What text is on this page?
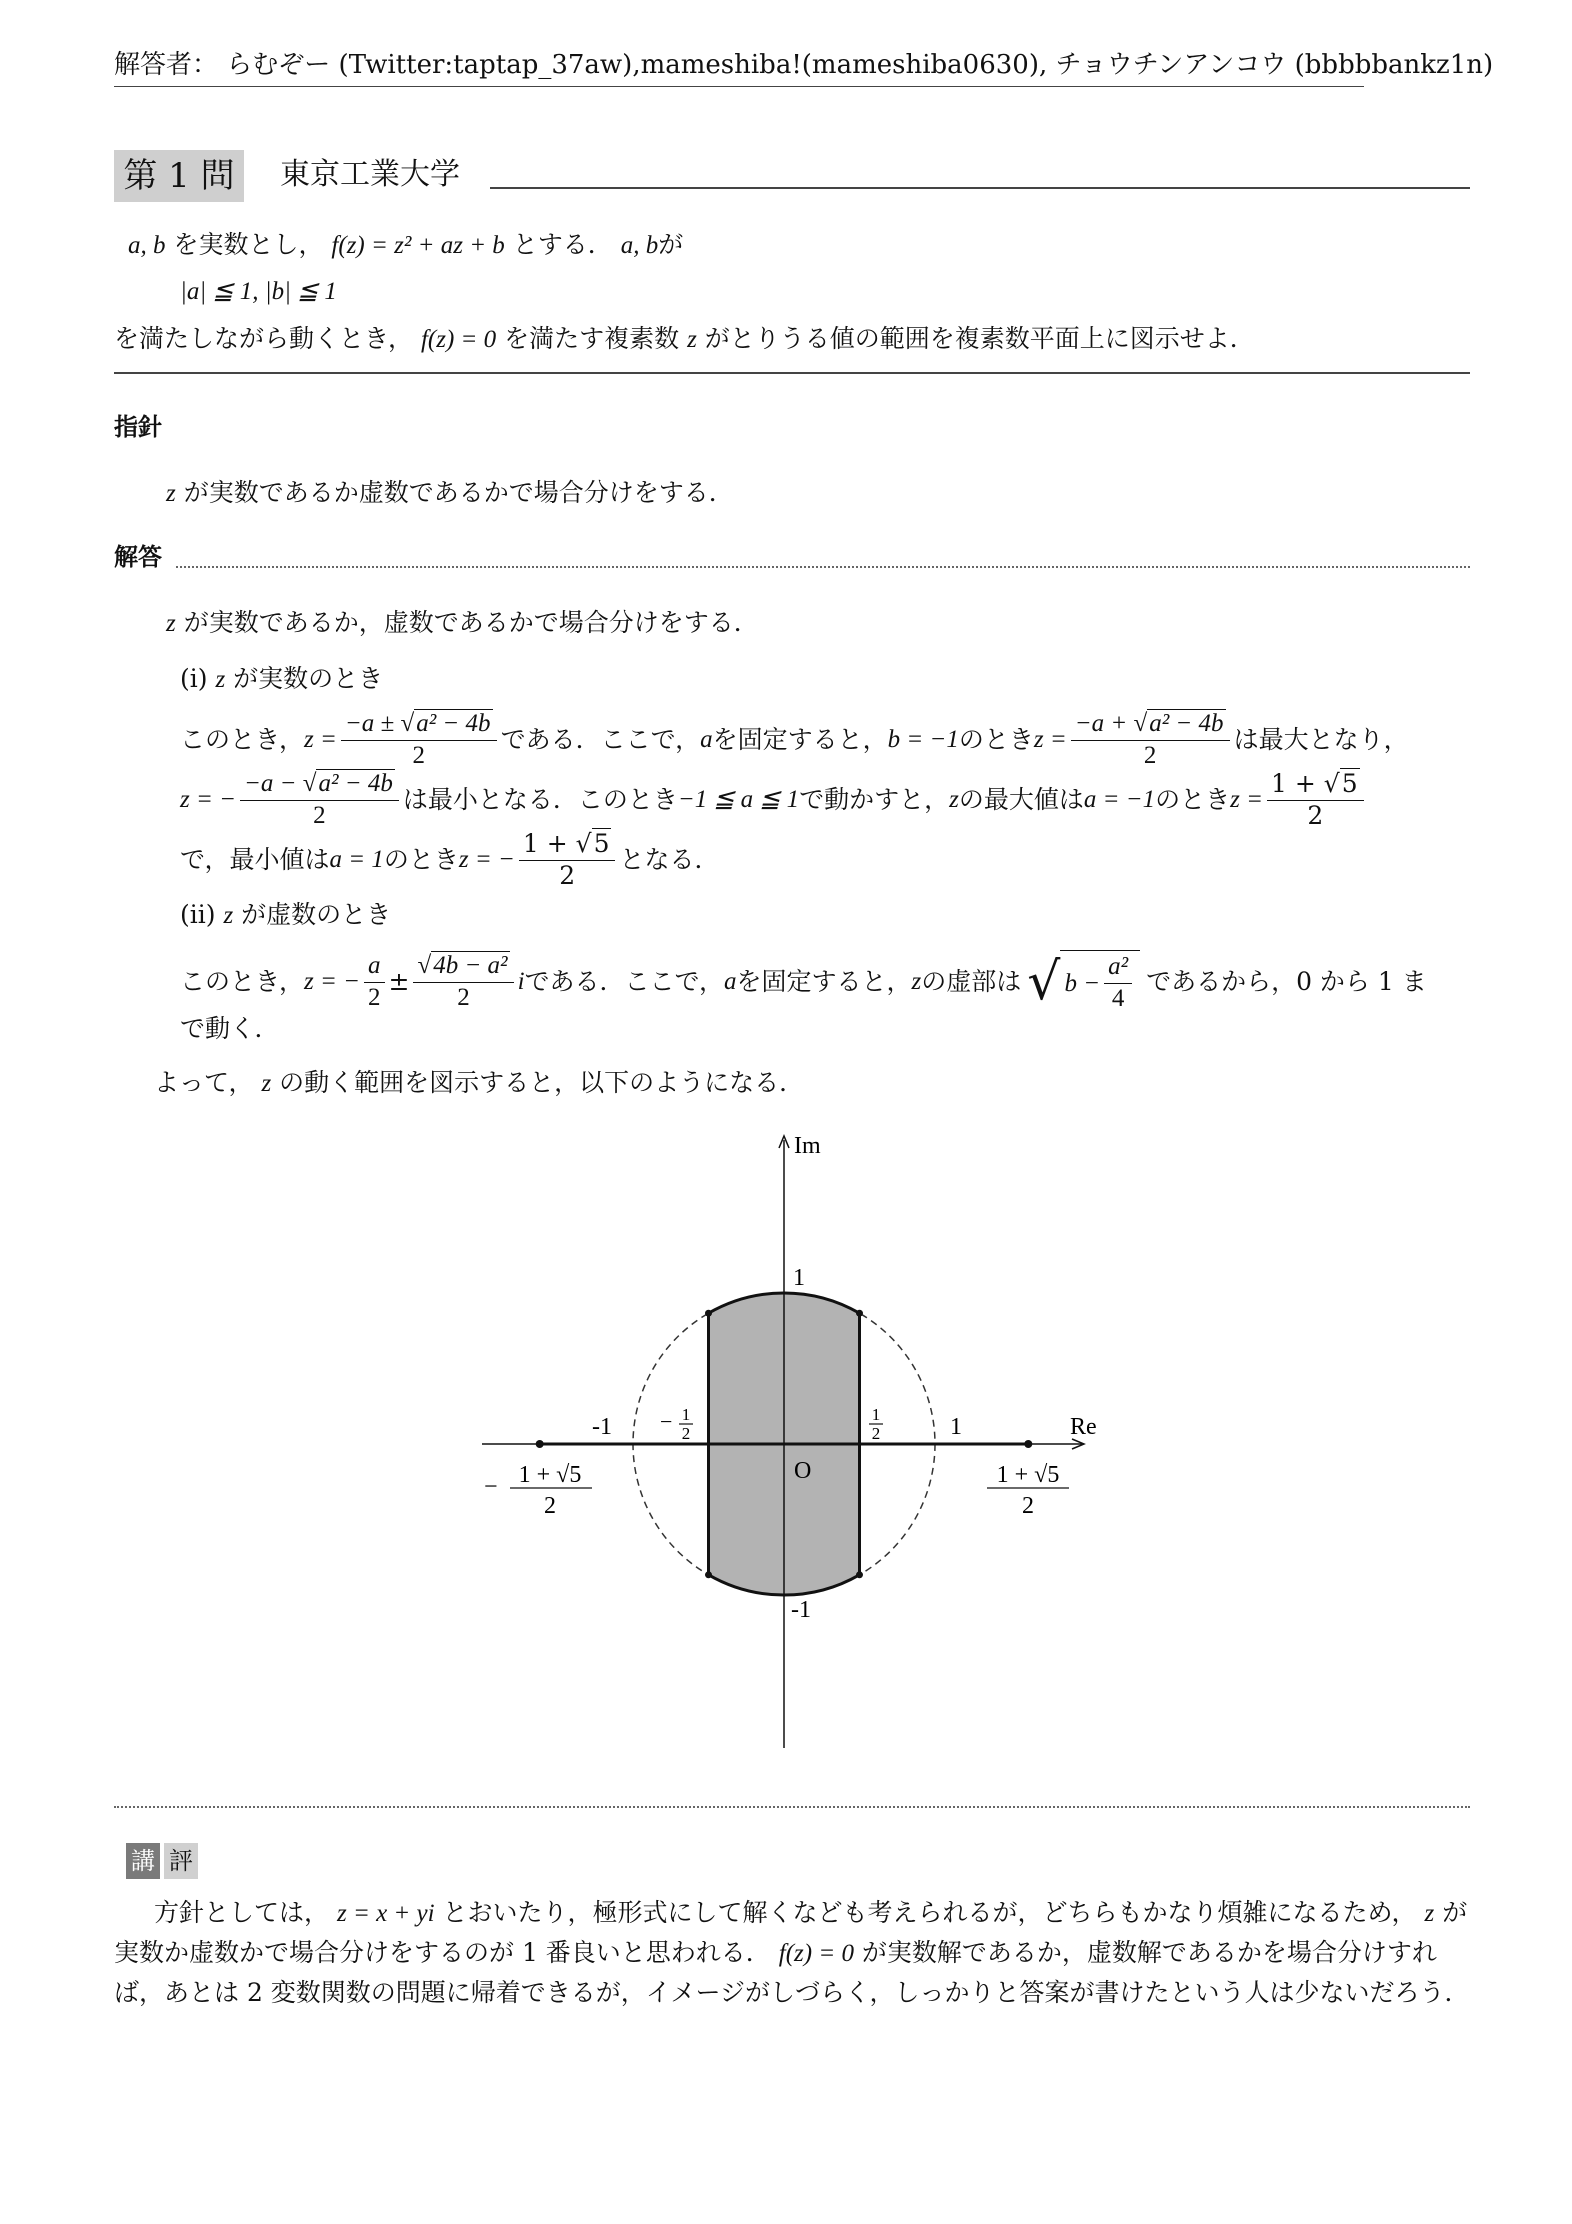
解答者： らむぞー (Twitter:taptap_37aw),mameshiba!(mameshiba0630), チョウチンアンコウ (bbbbbankz1n)
第 1 問	東京工業大学
a, b を実数とし， f(z) = z² + az + b とする． a, bが
|a| ≦ 1, |b| ≦ 1
を満たしながら動くとき， f(z) = 0 を満たす複素数 z がとりうる値の範囲を複素数平面上に図示せよ．
指針
z が実数であるか虚数であるかで場合分けをする．
解答
z が実数であるか，虚数であるかで場合分けをする．
(i) z が実数のとき
このとき， $z = \frac{\text{−a ± √a² − 4b}}{2}$ である．ここで， a を固定すると， b = −1 のとき $z = \frac{\text{−a + √a² − 4b}}{2}$ は最大となり，
z = − $\frac{\text{−a − √a² − 4b}}{2}$ は最小となる．このとき −1 ≦ a ≦ 1 で動かすと， z の最大値は a = −1 のとき $z = \frac{1 + √5}{2}$
で，最小値は a = 1 のとき z = − $\frac{1 + √5}{2}$ となる．
(ii) z が虚数のとき
このとき， z = − $\frac{a}{2} \pm \frac{\text{√4b − a²}}{2}$ i である．ここで， a を固定すると， z の虚部は √ $b - \frac{\text{a²}}{4}$ であるから，0 から 1 ま
で動く．
よって， z の動く範囲を図示すると，以下のようになる．
Im
Re
O
1
-1
-1	1
− 1
2
1
2
− 1 + √5
2
1 + √5
2
講 評
方針としては， z = x + yi とおいたり，極形式にして解くなども考えられるが，どちらもかなり煩雑になるため， z が
実数か虚数かで場合分けをするのが 1 番良いと思われる． f(z) = 0 が実数解であるか，虚数解であるかを場合分けすれ
ば，あとは 2 変数関数の問題に帰着できるが，イメージがしづらく，しっかりと答案が書けたという人は少ないだろう．
